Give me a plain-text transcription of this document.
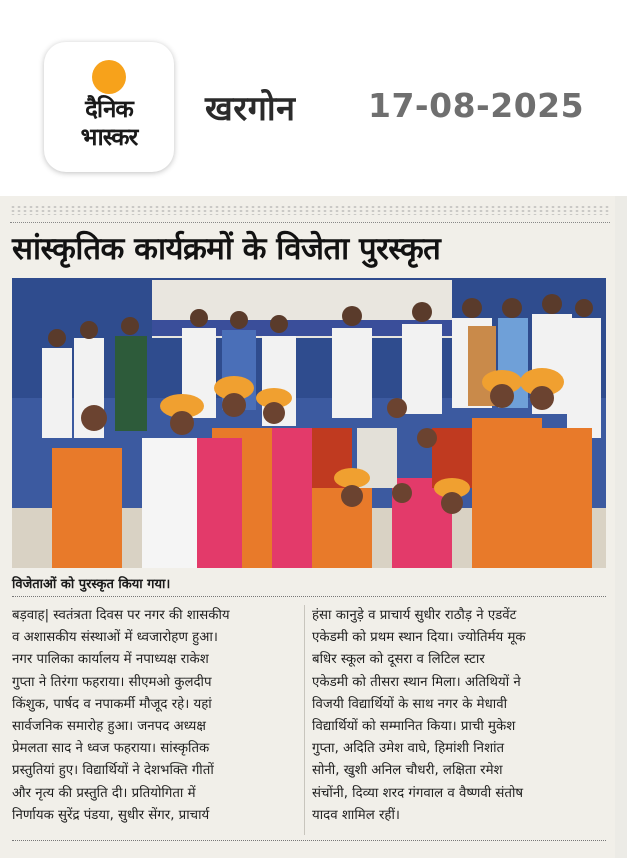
दैनिक
भास्कर
खरगोन 17-08-2025
सांस्कृतिक कार्यक्रमों के विजेता पुरस्कृत
विजेताओं को पुरस्कृत किया गया।
बड़वाह| स्वतंत्रता दिवस पर नगर की शासकीय
व अशासकीय संस्थाओं में ध्वजारोहण हुआ।
नगर पालिका कार्यालय में नपाध्यक्ष राकेश
गुप्ता ने तिरंगा फहराया। सीएमओ कुलदीप
किंशुक, पार्षद व नपाकर्मी मौजूद रहे। यहां
सार्वजनिक समारोह हुआ। जनपद अध्यक्ष
प्रेमलता साद ने ध्वज फहराया। सांस्कृतिक
प्रस्तुतियां हुए। विद्यार्थियों ने देशभक्ति गीतों
और नृत्य की प्रस्तुति दी। प्रतियोगिता में
निर्णायक सुरेंद्र पंडया, सुधीर सेंगर, प्राचार्य
हंसा कानुड़े व प्राचार्य सुधीर राठौड़ ने एडवेंट
एकेडमी को प्रथम स्थान दिया। ज्योतिर्मय मूक
बधिर स्कूल को दूसरा व लिटिल स्टार
एकेडमी को तीसरा स्थान मिला। अतिथियों ने
विजयी विद्यार्थियों के साथ नगर के मेधावी
विद्यार्थियों को सम्मानित किया। प्राची मुकेश
गुप्ता, अदिति उमेश वाघे, हिमांशी निशांत
सोनी, खुशी अनिल चौधरी, लक्षिता रमेश
संचोंनी, दिव्या शरद गंगवाल व वैष्णवी संतोष
यादव शामिल रहीं।
